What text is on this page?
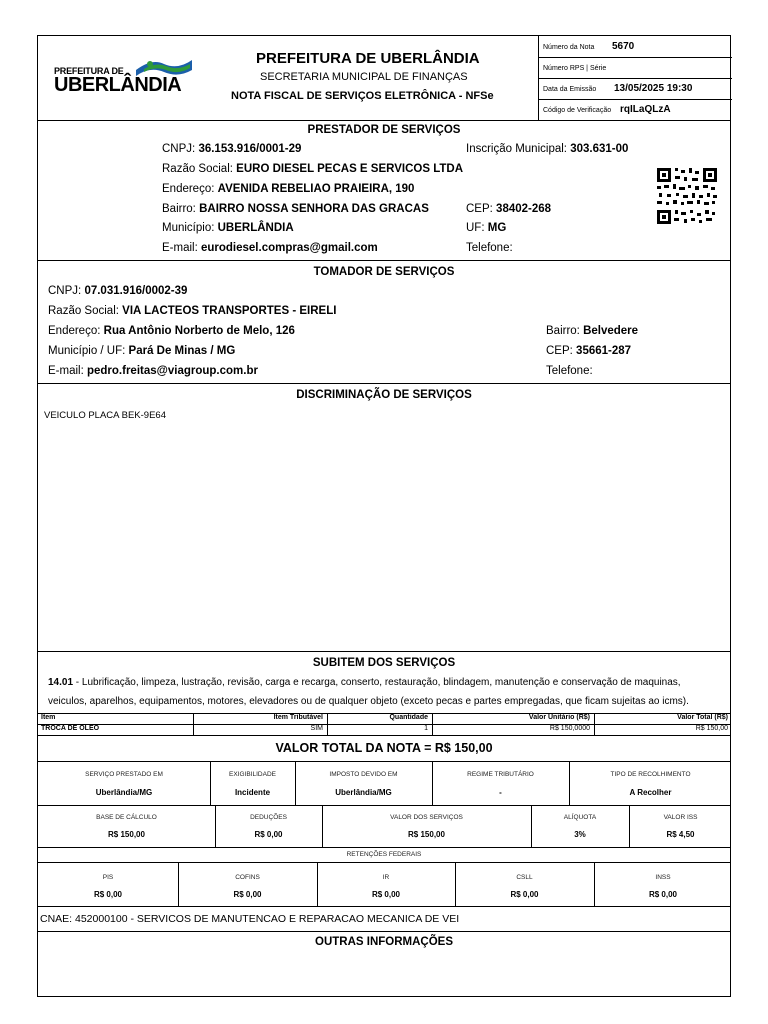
PREFEITURA DE
UBERLÂNDIA
PREFEITURA DE UBERLÂNDIA
SECRETARIA MUNICIPAL DE FINANÇAS
NOTA FISCAL DE SERVIÇOS ELETRÔNICA - NFSe
Número da Nota 5670
Número RPS | Série
Data da Emissão 13/05/2025 19:30
Código de Verificação rqILaQLzA
PRESTADOR DE SERVIÇOS
CNPJ: 36.153.916/0001-29	Inscrição Municipal: 303.631-00
Razão Social: EURO DIESEL PECAS E SERVICOS LTDA
Endereço: AVENIDA REBELIAO PRAIEIRA, 190
Bairro: BAIRRO NOSSA SENHORA DAS GRACAS	CEP: 38402-268
Município: UBERLÂNDIA	UF: MG
E-mail: eurodiesel.compras@gmail.com	Telefone:
TOMADOR DE SERVIÇOS
CNPJ: 07.031.916/0002-39
Razão Social: VIA LACTEOS TRANSPORTES - EIRELI
Endereço: Rua Antônio Norberto de Melo, 126	Bairro: Belvedere
Município / UF: Pará De Minas / MG	CEP: 35661-287
E-mail: pedro.freitas@viagroup.com.br	Telefone:
DISCRIMINAÇÃO DE SERVIÇOS
VEICULO PLACA BEK-9E64
SUBITEM DOS SERVIÇOS
14.01 - Lubrificação, limpeza, lustração, revisão, carga e recarga, conserto, restauração, blindagem, manutenção e conservação de maquinas,
veiculos, aparelhos, equipamentos, motores, elevadores ou de qualquer objeto (exceto pecas e partes empregadas, que ficam sujeitas ao icms).
Item	Item Tributável	Quantidade	Valor Unitário (R$)	Valor Total (R$)
TROCA DE OLEO	SIM	1	R$ 150,0000	R$ 150,00
VALOR TOTAL DA NOTA = R$ 150,00
SERVIÇO PRESTADO EM	EXIGIBILIDADE	IMPOSTO DEVIDO EM	REGIME TRIBUTÁRIO	TIPO DE RECOLHIMENTO
Uberlândia/MG	Incidente	Uberlândia/MG	-	A Recolher
BASE DE CÁLCULO	DEDUÇÕES	VALOR DOS SERVIÇOS	ALÍQUOTA	VALOR ISS
R$ 150,00	R$ 0,00	R$ 150,00	3%	R$ 4,50
RETENÇÕES FEDERAIS
PIS	COFINS	IR	CSLL	INSS
R$ 0,00	R$ 0,00	R$ 0,00	R$ 0,00	R$ 0,00
CNAE: 452000100 - SERVICOS DE MANUTENCAO E REPARACAO MECANICA DE VEI
OUTRAS INFORMAÇÕES
